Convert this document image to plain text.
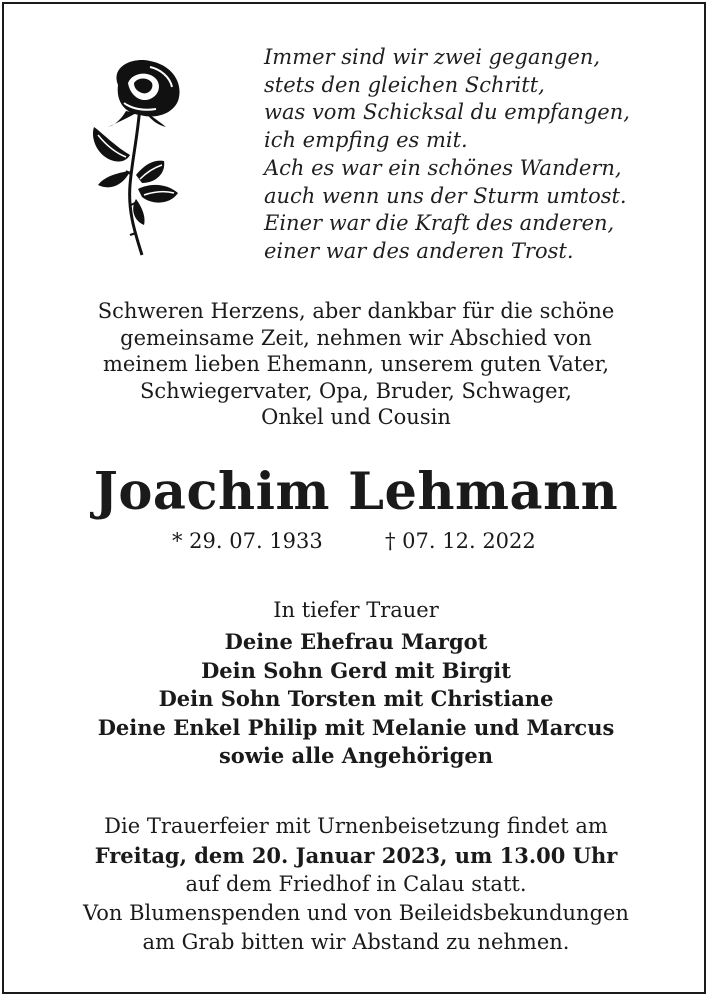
Immer sind wir zwei gegangen,
stets den gleichen Schritt,
was vom Schicksal du empfangen,
ich empfing es mit.
Ach es war ein schönes Wandern,
auch wenn uns der Sturm umtost.
Einer war die Kraft des anderen,
einer war des anderen Trost.
Schweren Herzens, aber dankbar für die schöne
gemeinsame Zeit, nehmen wir Abschied von
meinem lieben Ehemann, unserem guten Vater,
Schwiegervater, Opa, Bruder, Schwager,
Onkel und Cousin
Joachim Lehmann
* 29. 07. 1933	† 07. 12. 2022
In tiefer Trauer
Deine Ehefrau Margot
Dein Sohn Gerd mit Birgit
Dein Sohn Torsten mit Christiane
Deine Enkel Philip mit Melanie und Marcus
sowie alle Angehörigen
Die Trauerfeier mit Urnenbeisetzung findet am
Freitag, dem 20. Januar 2023, um 13.00 Uhr
auf dem Friedhof in Calau statt.
Von Blumenspenden und von Beileidsbekundungen
am Grab bitten wir Abstand zu nehmen.
